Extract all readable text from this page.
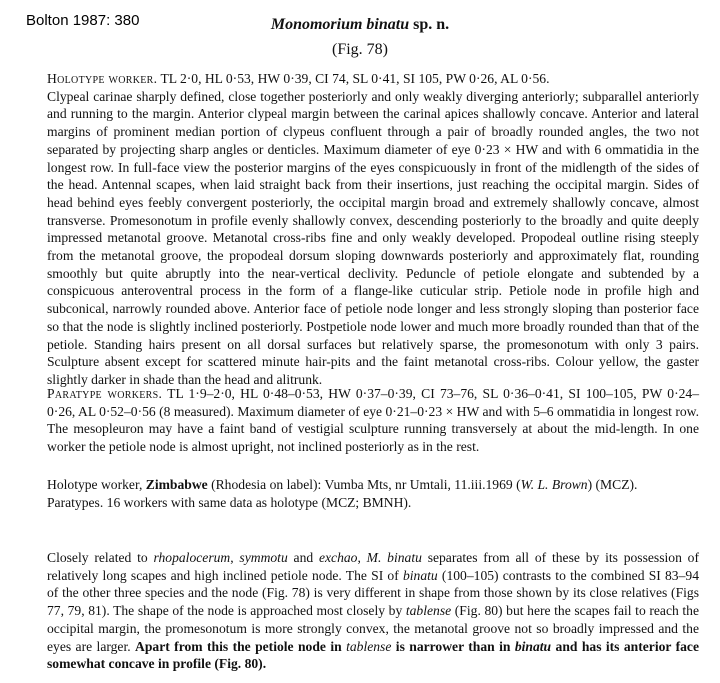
Bolton 1987: 380	Monomorium binatu sp. n.
(Fig. 78)

Holotype worker. TL 2·0, HL 0·53, HW 0·39, CI 74, SL 0·41, SI 105, PW 0·26, AL 0·56.

Clypeal carinae sharply defined, close together posteriorly and only weakly diverging anteriorly; subparallel anteriorly and running to the margin. Anterior clypeal margin between the carinal apices shallowly concave. Anterior and lateral margins of prominent median portion of clypeus confluent through a pair of broadly rounded angles, the two not separated by projecting sharp angles or denticles. Maximum diameter of eye 0·23 × HW and with 6 ommatidia in the longest row. In full-face view the posterior margins of the eyes conspicuously in front of the midlength of the sides of the head. Antennal scapes, when laid straight back from their insertions, just reaching the occipital margin. Sides of head behind eyes feebly convergent posteriorly, the occipital margin broad and extremely shallowly concave, almost transverse. Promesonotum in profile evenly shallowly convex, descending posteriorly to the broadly and quite deeply impressed metanotal groove. Metanotal cross-ribs fine and only weakly developed. Propodeal outline rising steeply from the metanotal groove, the propodeal dorsum sloping downwards posteriorly and approximately flat, rounding smoothly but quite abruptly into the near-vertical declivity. Peduncle of petiole elongate and subtended by a conspicuous anteroventral process in the form of a flange-like cuticular strip. Petiole node in profile high and subconical, narrowly rounded above. Anterior face of petiole node longer and less strongly sloping than posterior face so that the node is slightly inclined posteriorly. Postpetiole node lower and much more broadly rounded than that of the petiole. Standing hairs present on all dorsal surfaces but relatively sparse, the promesonotum with only 3 pairs. Sculpture absent except for scattered minute hair-pits and the faint metanotal cross-ribs. Colour yellow, the gaster slightly darker in shade than the head and alitrunk.

Paratype workers. TL 1·9–2·0, HL 0·48–0·53, HW 0·37–0·39, CI 73–76, SL 0·36–0·41, SI 100–105, PW 0·24–0·26, AL 0·52–0·56 (8 measured). Maximum diameter of eye 0·21–0·23 × HW and with 5–6 ommatidia in longest row. The mesopleuron may have a faint band of vestigial sculpture running transversely at about the mid-length. In one worker the petiole node is almost upright, not inclined posteriorly as in the rest.

Holotype worker, Zimbabwe (Rhodesia on label): Vumba Mts, nr Umtali, 11.iii.1969 (W. L. Brown) (MCZ).

Paratypes. 16 workers with same data as holotype (MCZ; BMNH).

Closely related to rhopalocerum, symmotu and exchao, M. binatu separates from all of these by its possession of relatively long scapes and high inclined petiole node. The SI of binatu (100–105) contrasts to the combined SI 83–94 of the other three species and the node (Fig. 78) is very different in shape from those shown by its close relatives (Figs 77, 79, 81). The shape of the node is approached most closely by tablense (Fig. 80) but here the scapes fail to reach the occipital margin, the promesonotum is more strongly convex, the metanotal groove not so broadly impressed and the eyes are larger. Apart from this the petiole node in tablense is narrower than in binatu and has its anterior face somewhat concave in profile (Fig. 80).
